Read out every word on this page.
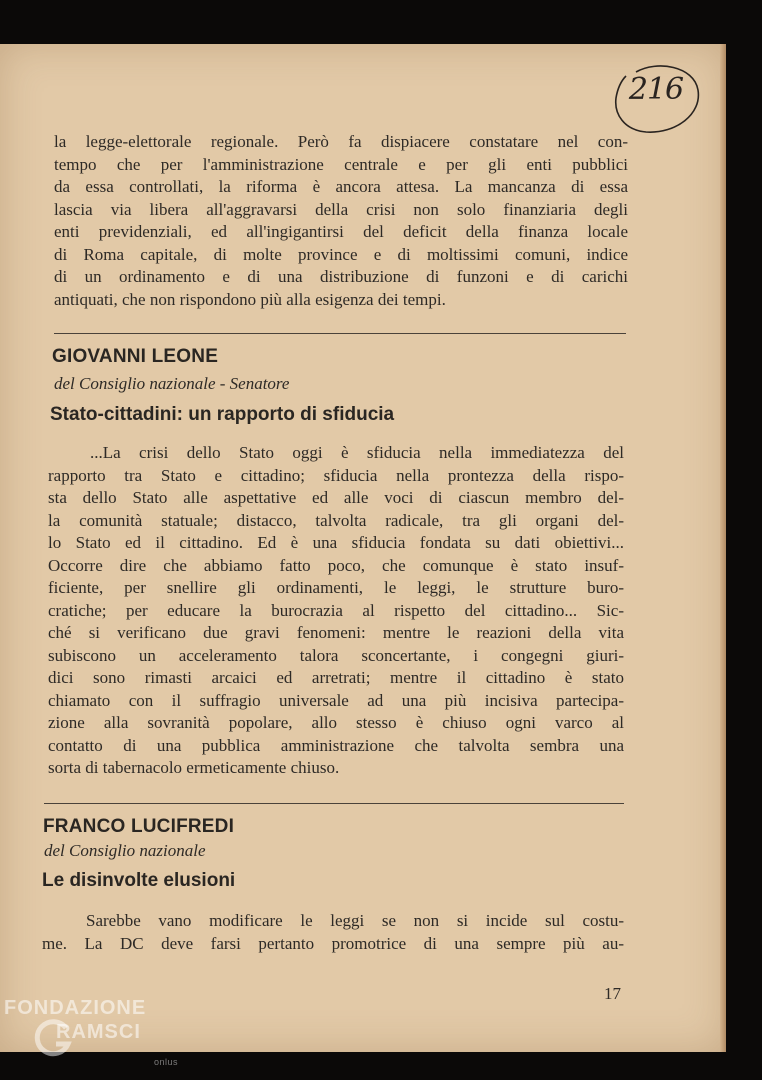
216
la legge-elettorale regionale. Però fa dispiacere constatare nel con-
tempo che per l'amministrazione centrale e per gli enti pubblici
da essa controllati, la riforma è ancora attesa. La mancanza di essa
lascia via libera all'aggravarsi della crisi non solo finanziaria degli
enti previdenziali, ed all'ingigantirsi del deficit della finanza locale
di Roma capitale, di molte province e di moltissimi comuni, indice
di un ordinamento e di una distribuzione di funzoni e di carichi
antiquati, che non rispondono più alla esigenza dei tempi.
GIOVANNI LEONE
del Consiglio nazionale - Senatore
Stato-cittadini: un rapporto di sfiducia
...La crisi dello Stato oggi è sfiducia nella immediatezza del
rapporto tra Stato e cittadino; sfiducia nella prontezza della rispo-
sta dello Stato alle aspettative ed alle voci di ciascun membro del-
la comunità statuale; distacco, talvolta radicale, tra gli organi del-
lo Stato ed il cittadino. Ed è una sfiducia fondata su dati obiettivi...
Occorre dire che abbiamo fatto poco, che comunque è stato insuf-
ficiente, per snellire gli ordinamenti, le leggi, le strutture buro-
cratiche; per educare la burocrazia al rispetto del cittadino... Sic-
ché si verificano due gravi fenomeni: mentre le reazioni della vita
subiscono un acceleramento talora sconcertante, i congegni giuri-
dici sono rimasti arcaici ed arretrati; mentre il cittadino è stato
chiamato con il suffragio universale ad una più incisiva partecipa-
zione alla sovranità popolare, allo stesso è chiuso ogni varco al
contatto di una pubblica amministrazione che talvolta sembra una
sorta di tabernacolo ermeticamente chiuso.
FRANCO LUCIFREDI
del Consiglio nazionale
Le disinvolte elusioni
Sarebbe vano modificare le leggi se non si incide sul costu-
me. La DC deve farsi pertanto promotrice di una sempre più au-
17
FONDAZIONE
RAMSCI
onlus
